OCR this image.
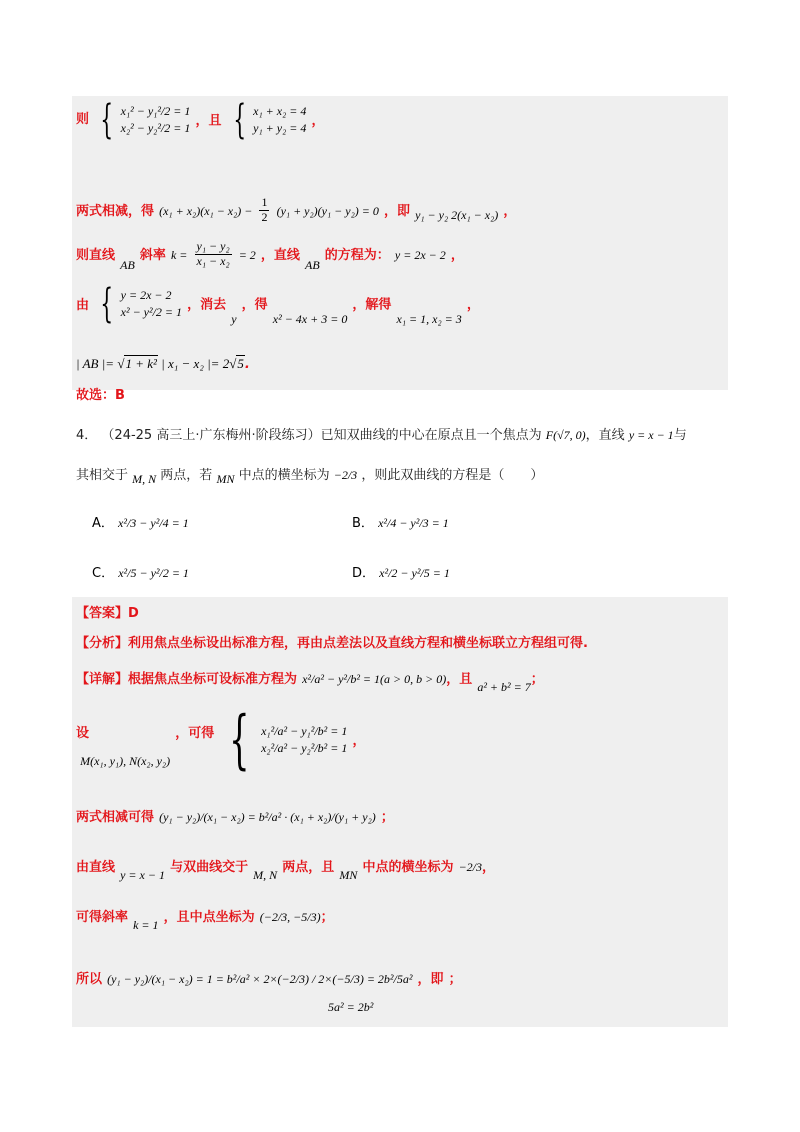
则 { x₁² − y₁²/2 = 1
x₂² − y₂²/2 = 1 ，且 { x₁ + x₂ = 4
y₁ + y₂ = 4 ，
两式相减，得 $(x_1 + x_2)(x_1 - x_2) - \frac{1}{2} (y_1 + y_2)(y_1 - y_2) = 0$ ，即 $_{y_1 - y_2 2(x_1 - x_2)}$ ，
则直线 $_{AB}$ 斜率 $k = \frac{\text{y₁ − y₂}}{\text{x₁ − x₂}} = 2$ ，直线 $_{AB}$ 的方程为： y = 2x − 2 ，
由 { y = 2x − 2
x² − y²/2 = 1 ，消去 $_y$ ，得 $_{x^2 - 4x + 3 = 0}$ ，解得 $_{x_1 = 1, x_2 = 3}$ ，
| AB |= √1 + k² | x₁ − x₂ |= 2√5.
故选：B
4． （24-25 高三上·广东梅州·阶段练习）已知双曲线的中心在原点且一个焦点为 F(√7, 0)，直线 y = x − 1与
其相交于 M, N 两点，若 MN 中点的横坐标为 −2/3 ，则此双曲线的方程是（　　）
A． x²/3 − y²/4 = 1	B． x²/4 − y²/3 = 1
C． x²/5 − y²/2 = 1	D． x²/2 − y²/5 = 1
【答案】D
【分析】利用焦点坐标设出标准方程，再由点差法以及直线方程和横坐标联立方程组可得.
【详解】根据焦点坐标可设标准方程为 x²/a² − y²/b² = 1(a > 0, b > 0)，且 $_{a^2 + b^2 = 7}$；
$^设$ $_{M(x_1, y_1), N(x_2, y_2)}$ $^{,可得}$ { x₁²/a² − y₁²/b² = 1
x₂²/a² − y₂²/b² = 1 ，
两式相减可得 (y₁ − y₂)/(x₁ − x₂) = b²/a² · (x₁ + x₂)/(y₁ + y₂) ；
由直线 $_{y = x - 1}$ 与双曲线交于 $_{M, N}$ 两点，且 $_{MN}$ 中点的横坐标为 −2/3，
可得斜率 $_{k = 1}$ ，且中点坐标为 (−2/3, −5/3)；
所以 (y₁ − y₂)/(x₁ − x₂) = 1 = b²/a² × 2×(−2/3) / 2×(−5/3) = 2b²/5a² ，即 ；
5a² = 2b²
